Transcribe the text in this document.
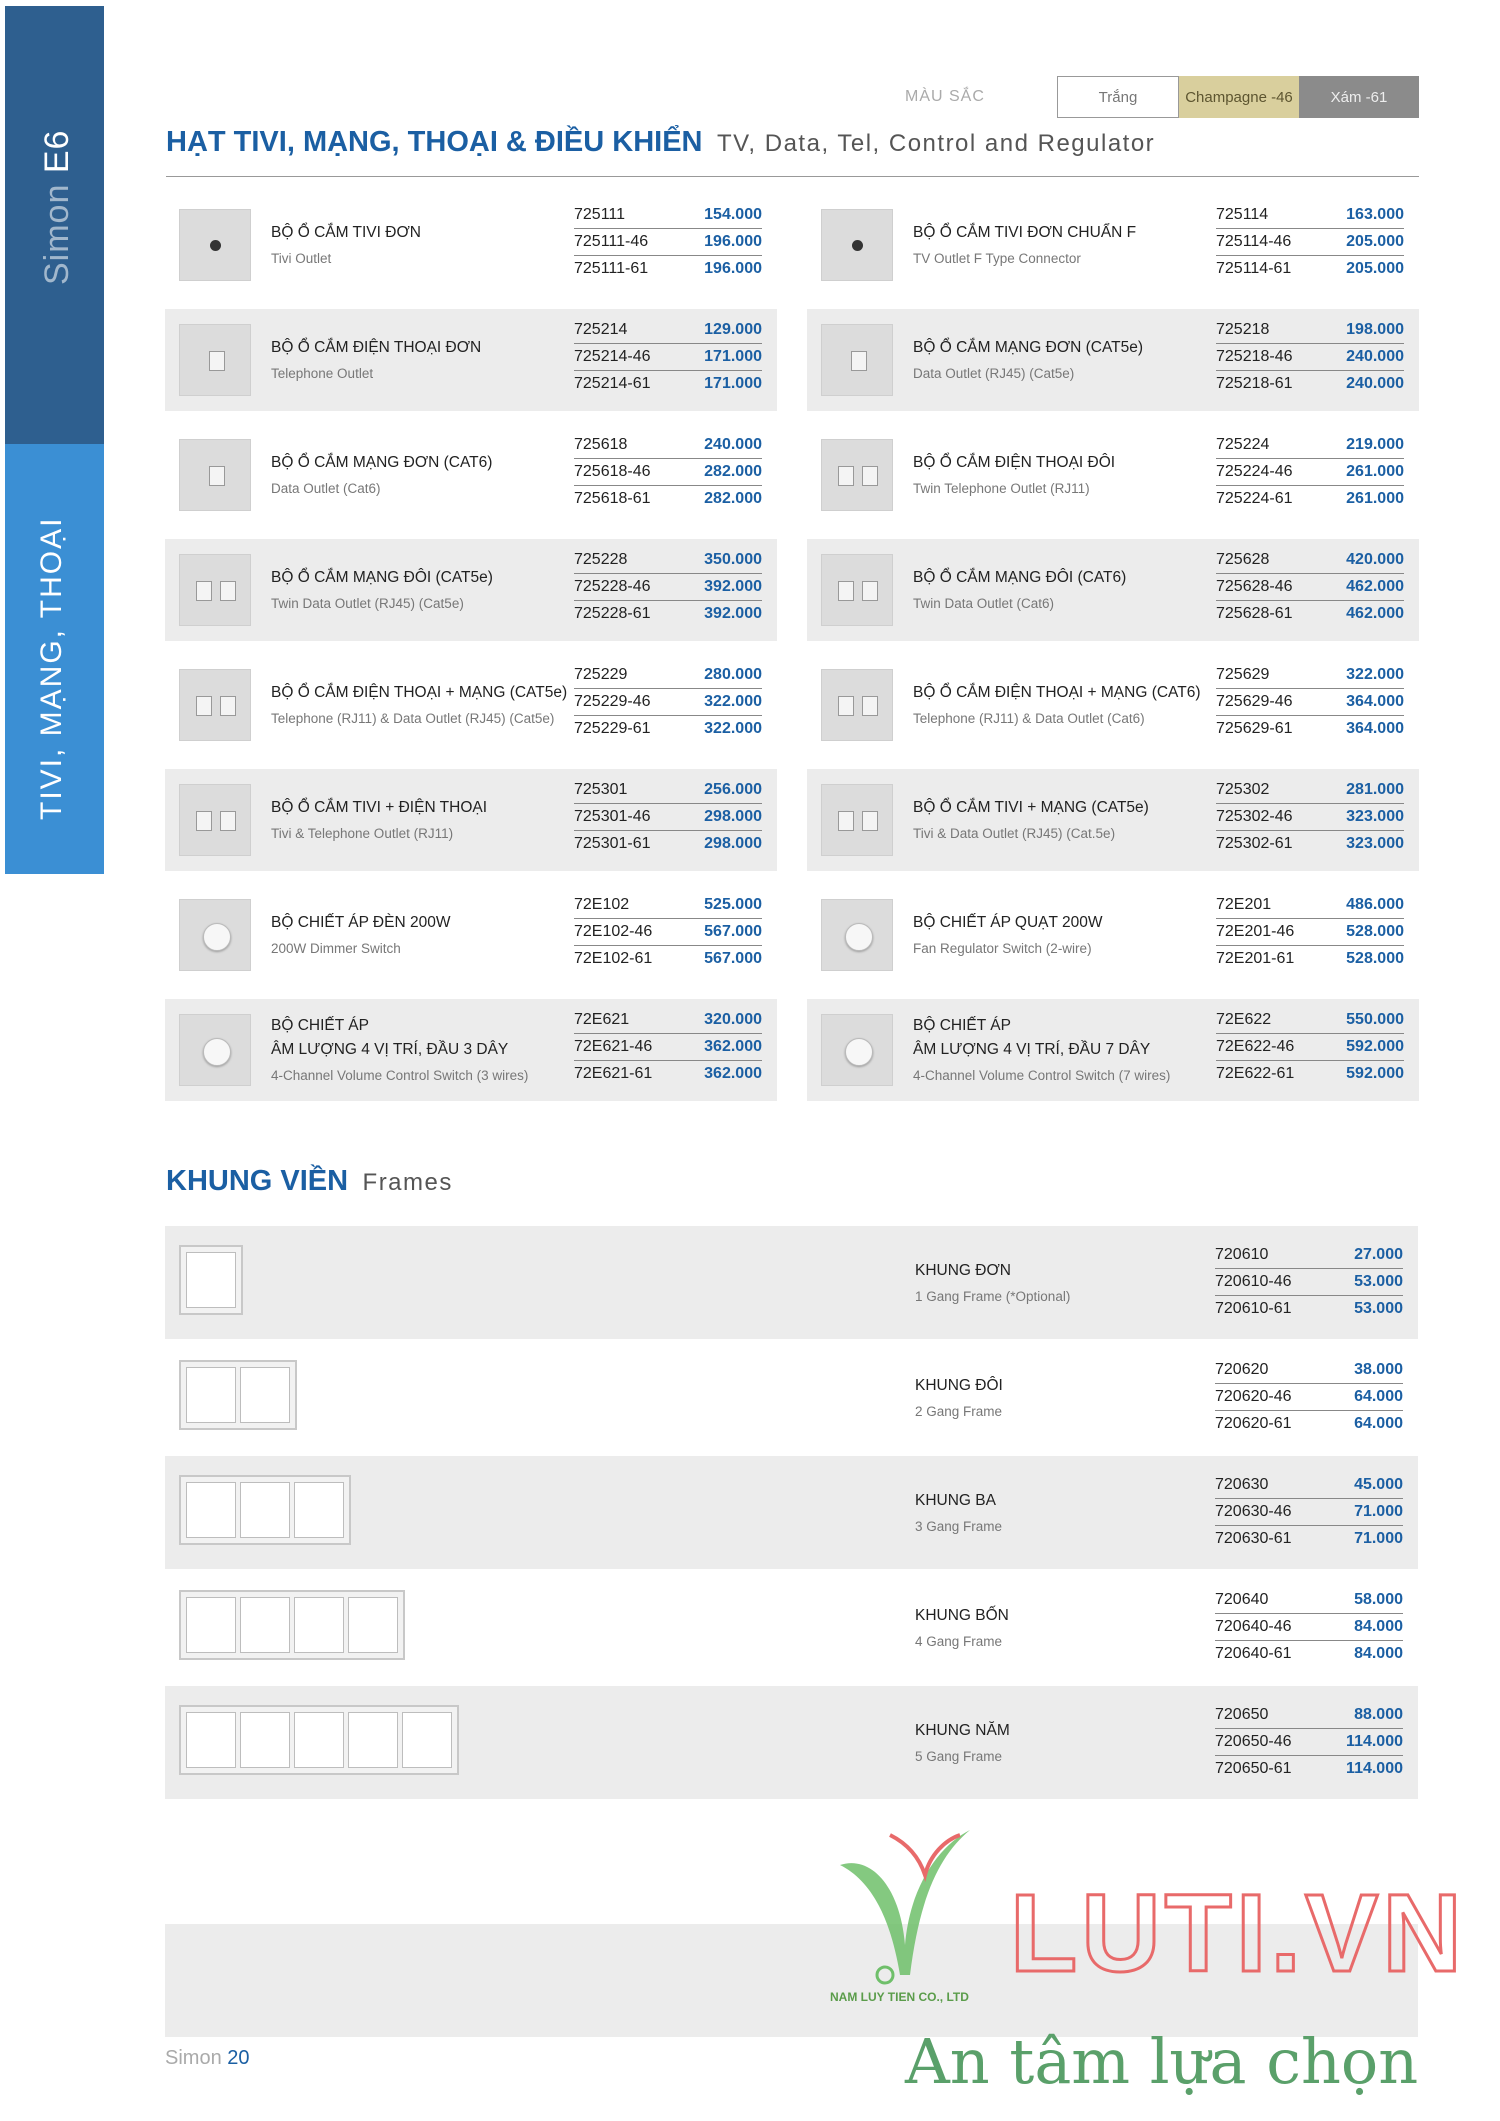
Simon E6
TIVI, MẠNG, THOẠI
MÀU SẮC	Trắng	Champagne -46	Xám -61
HẠT TIVI, MẠNG, THOẠI & ĐIỀU KHIỂN TV, Data, Tel, Control and Regulator
BỘ Ổ CẮM TIVI ĐƠN
Tivi Outlet
725111	154.000
725111-46	196.000
725111-61	196.000
BỘ Ổ CẮM TIVI ĐƠN CHUẨN F
TV Outlet F Type Connector
725114	163.000
725114-46	205.000
725114-61	205.000
BỘ Ổ CẮM ĐIỆN THOẠI ĐƠN
Telephone Outlet
725214	129.000
725214-46	171.000
725214-61	171.000
BỘ Ổ CẮM MẠNG ĐƠN (CAT5e)
Data Outlet (RJ45) (Cat5e)
725218	198.000
725218-46	240.000
725218-61	240.000
BỘ Ổ CẮM MẠNG ĐƠN (CAT6)
Data Outlet (Cat6)
725618	240.000
725618-46	282.000
725618-61	282.000
BỘ Ổ CẮM ĐIỆN THOẠI ĐÔI
Twin Telephone Outlet (RJ11)
725224	219.000
725224-46	261.000
725224-61	261.000
BỘ Ổ CẮM MẠNG ĐÔI (CAT5e)
Twin Data Outlet (RJ45) (Cat5e)
725228	350.000
725228-46	392.000
725228-61	392.000
BỘ Ổ CẮM MẠNG ĐÔI (CAT6)
Twin Data Outlet (Cat6)
725628	420.000
725628-46	462.000
725628-61	462.000
BỘ Ổ CẮM ĐIỆN THOẠI + MẠNG (CAT5e)
Telephone (RJ11) & Data Outlet (RJ45) (Cat5e)
725229	280.000
725229-46	322.000
725229-61	322.000
BỘ Ổ CẮM ĐIỆN THOẠI + MẠNG (CAT6)
Telephone (RJ11) & Data Outlet (Cat6)
725629	322.000
725629-46	364.000
725629-61	364.000
BỘ Ổ CẮM TIVI + ĐIỆN THOẠI
Tivi & Telephone Outlet (RJ11)
725301	256.000
725301-46	298.000
725301-61	298.000
BỘ Ổ CẮM TIVI + MẠNG (CAT5e)
Tivi & Data Outlet (RJ45) (Cat.5e)
725302	281.000
725302-46	323.000
725302-61	323.000
BỘ CHIẾT ÁP ĐÈN 200W
200W Dimmer Switch
72E102	525.000
72E102-46	567.000
72E102-61	567.000
BỘ CHIẾT ÁP QUẠT 200W
Fan Regulator Switch (2-wire)
72E201	486.000
72E201-46	528.000
72E201-61	528.000
BỘ CHIẾT ÁP
ÂM LƯỢNG 4 VỊ TRÍ, ĐẦU 3 DÂY
4-Channel Volume Control Switch (3 wires)
72E621	320.000
72E621-46	362.000
72E621-61	362.000
BỘ CHIẾT ÁP
ÂM LƯỢNG 4 VỊ TRÍ, ĐẦU 7 DÂY
4-Channel Volume Control Switch (7 wires)
72E622	550.000
72E622-46	592.000
72E622-61	592.000
KHUNG VIỀN Frames
KHUNG ĐƠN
1 Gang Frame (*Optional)
720610	27.000
720610-46	53.000
720610-61	53.000
KHUNG ĐÔI
2 Gang Frame
720620	38.000
720620-46	64.000
720620-61	64.000
KHUNG BA
3 Gang Frame
720630	45.000
720630-46	71.000
720630-61	71.000
KHUNG BỐN
4 Gang Frame
720640	58.000
720640-46	84.000
720640-61	84.000
KHUNG NĂM
5 Gang Frame
720650	88.000
720650-46	114.000
720650-61	114.000
LUTI.VN
NAM LUY TIEN CO., LTD
An tâm lựa chọn
Simon 20
